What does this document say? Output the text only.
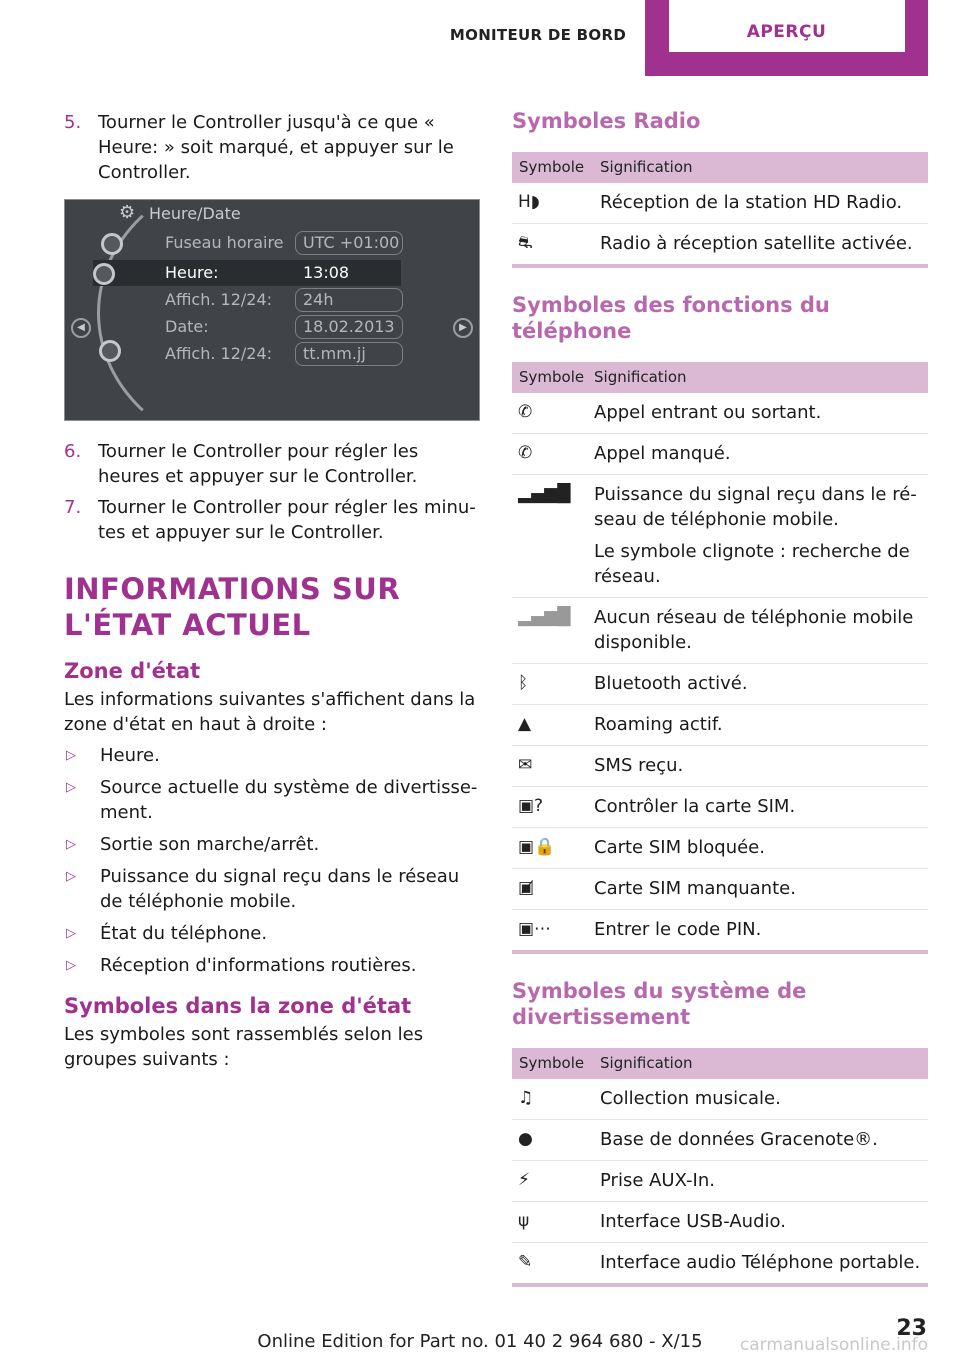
MONITEUR DE BORD	APERÇU
5. Tourner le Controller jusqu'à ce que « Heure: » soit marqué, et appuyer sur le Controller.
⚙ Heure/Date
Fuseau horaire UTC +01:00
Heure:	13:08
Affich. 12/24: 24h
Date:	18.02.2013
Affich. 12/24: tt.mm.jj
◀	▶
6. Tourner le Controller pour régler les heures et appuyer sur le Controller.
7. Tourner le Controller pour régler les minu‐tes et appuyer sur le Controller.
INFORMATIONS SUR L'ÉTAT ACTUEL
Zone d'état

Les informations suivantes s'affichent dans la zone d'état en haut à droite :

▷	Heure.
▷	Source actuelle du système de divertisse‐ment.
▷	Sortie son marche/arrêt.
▷	Puissance du signal reçu dans le réseau de téléphonie mobile.
▷	État du téléphone.
▷	Réception d'informations routières.
Symboles dans la zone d'état

Les symboles sont rassemblés selon les groupes suivants :

Symboles Radio
Symbole	Signification
H◗	Réception de la station HD Radio.

⛐	Radio à réception satellite activée.

Symboles des fonctions du téléphone
Symbole Signification
✆	Appel entrant ou sortant.

✆	Appel manqué.

▂▄▆█	Puissance du signal reçu dans le ré‐seau de téléphonie mobile.

Le symbole clignote : recherche de réseau.

▂▄▆█	Aucun réseau de téléphonie mobile disponible.

ᛒ	Bluetooth activé.

▲	Roaming actif.

✉	SMS reçu.

▣?	Contrôler la carte SIM.

▣🔒	Carte SIM bloquée.

▣̸	Carte SIM manquante.

▣⋯	Entrer le code PIN.

Symboles du système de divertissement
Symbole	Signification
♫	Collection musicale.

●	Base de données Gracenote®.

⚡	Prise AUX-In.

ψ	Interface USB-Audio.

✎	Interface audio Téléphone portable.

Online Edition for Part no. 01 40 2 964 680 - X/15
23
carmanualsonline.info
